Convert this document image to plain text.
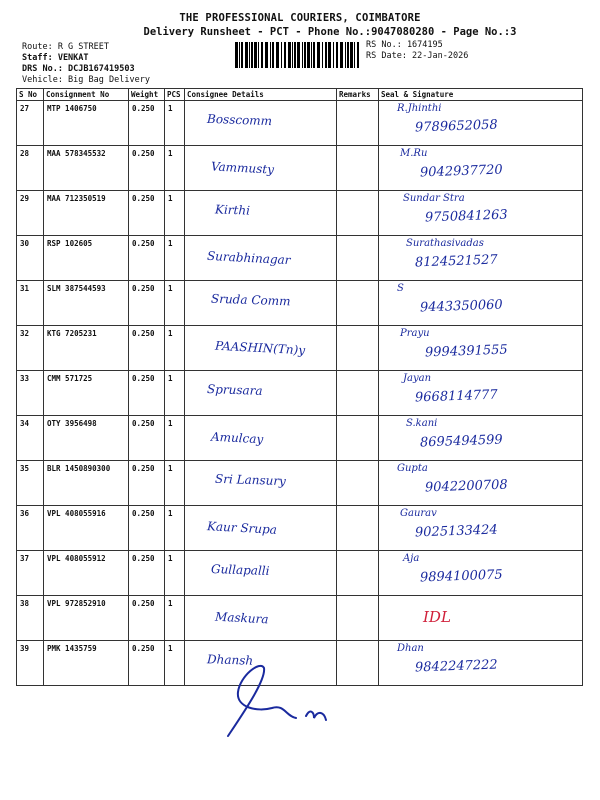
THE PROFESSIONAL COURIERS, COIMBATORE
Delivery Runsheet - PCT - Phone No.:9047080280 - Page No.:3
Route: R G STREET
Staff: VENKAT
DRS No.: DCJB167419503
Vehicle: Big Bag Delivery
RS No.: 1674195
RS Date: 22-Jan-2026
S No	Consignment No	Weight	PCS	Consignee Details	Remarks	Seal & Signature
27	MTP 1406750	0.250	1	Bosscomm		R.Jhinthi
9789652058

28	MAA 578345532	0.250	1	Vammusty		M.Ru
9042937720

29	MAA 712350519	0.250	1	Kirthi		Sundar Stra
9750841263

30	RSP 102605	0.250	1	Surabhinagar		Surathasivadas
8124521527

31	SLM 387544593	0.250	1	Sruda Comm		S
9443350060

32	KTG 7205231	0.250	1	PAASHIN(Tn)y		Prayu
9994391555

33	CMM 571725	0.250	1	Sprusara		Jayan
9668114777

34	OTY 3956498	0.250	1	Amulcay		S.kani
8695494599

35	BLR 1450890300	0.250	1	Sri Lansury		Gupta
9042200708

36	VPL 408055916	0.250	1	Kaur Srupa		Gaurav
9025133424

37	VPL 408055912	0.250	1	Gullapalli		Aja
9894100075

38	VPL 972852910	0.250	1	Maskura		IDL

39	PMK 1435759	0.250	1	Dhansh		Dhan
9842247222
